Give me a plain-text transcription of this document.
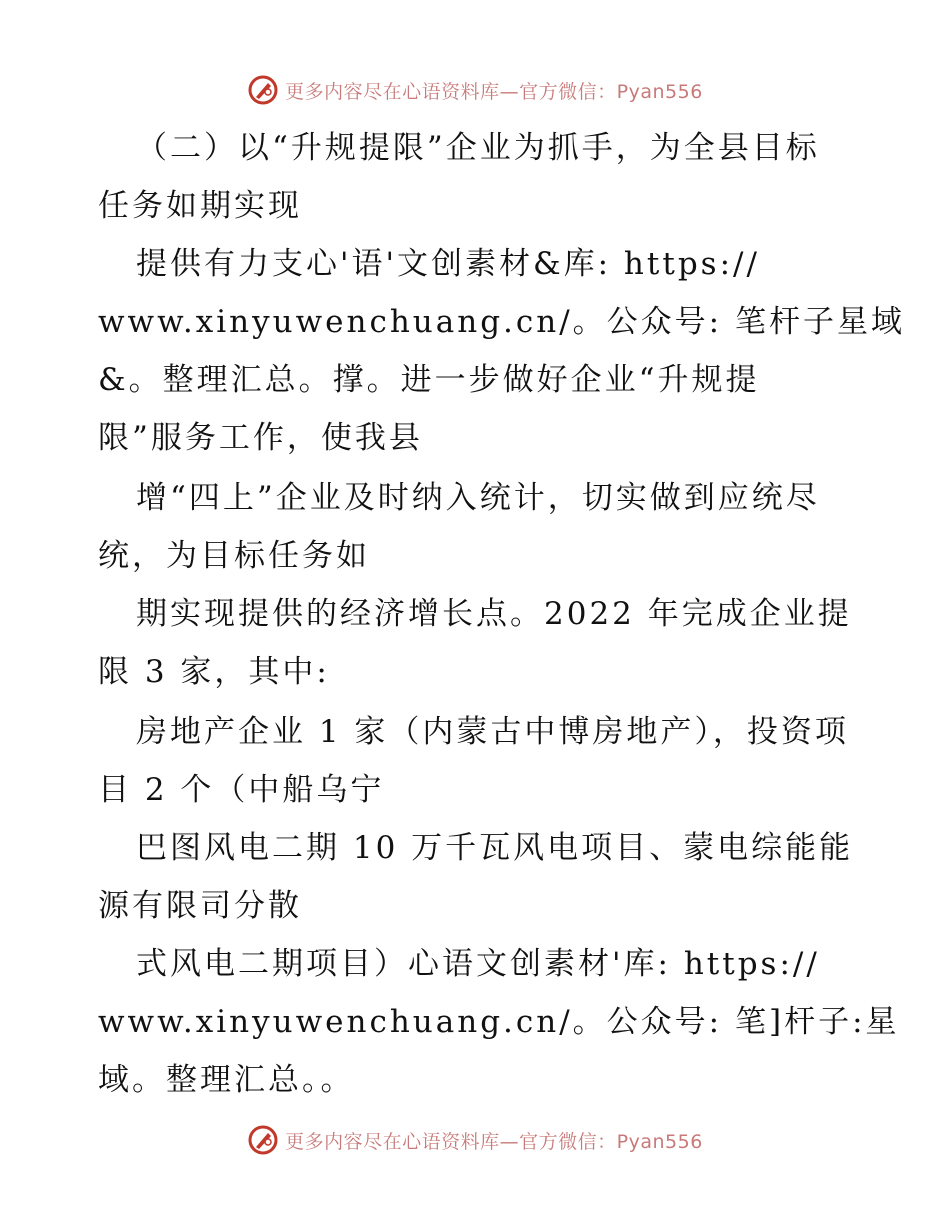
更多内容尽在心语资料库—官方微信：Pyan556
（二）以“升规提限”企业为抓手，为全县目标
任务如期实现
提供有力支心'语'文创素材&库: https://
www.xinyuwenchuang.cn/。公众号: 笔杆子星域
&。整理汇总。撑。进一步做好企业“升规提
限”服务工作，使我县
增“四上”企业及时纳入统计，切实做到应统尽
统，为目标任务如
期实现提供的经济增长点。2022 年完成企业提
限 3 家，其中:
房地产企业 1 家（内蒙古中博房地产），投资项
目 2 个（中船乌宁
巴图风电二期 10 万千瓦风电项目、蒙电综能能
源有限司分散
式风电二期项目）心语文创素材'库: https://
www.xinyuwenchuang.cn/。公众号: 笔]杆子:星
域。整理汇总。。
更多内容尽在心语资料库—官方微信：Pyan556
